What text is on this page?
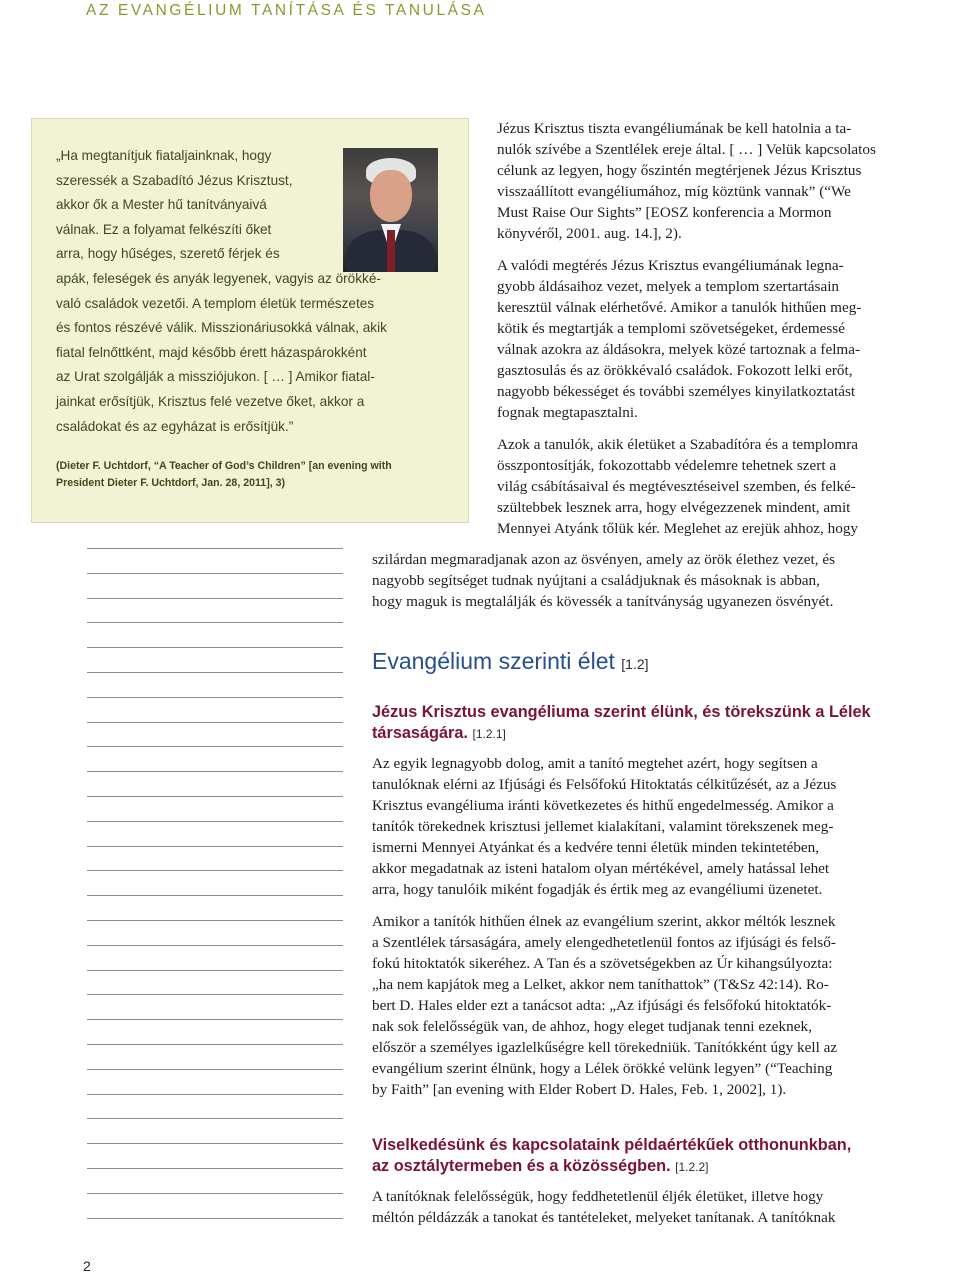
AZ EVANGÉLIUM TANÍTÁSA ÉS TANULÁSA
„Ha megtanítjuk fiataljainknak, hogy
szeressék a Szabadító Jézus Krisztust,
akkor ők a Mester hű tanítványaivá
válnak. Ez a folyamat felkészíti őket
arra, hogy hűséges, szerető férjek és
apák, feleségek és anyák legyenek, vagyis az örökké-
való családok vezetői. A templom életük természetes
és fontos részévé válik. Misszionáriusokká válnak, akik
fiatal felnőttként, majd később érett házaspárokként
az Urat szolgálják a missziójukon. [ … ] Amikor fiatal-
jainkat erősítjük, Krisztus felé vezetve őket, akkor a
családokat és az egyházat is erősítjük.”
(Dieter F. Uchtdorf, “A Teacher of God’s Children” [an evening with
President Dieter F. Uchtdorf, Jan. 28, 2011], 3)
Jézus Krisztus tiszta evangéliumának be kell hatolnia a ta-
nulók szívébe a Szentlélek ereje által. [ … ] Velük kapcsolatos
célunk az legyen, hogy őszintén megtérjenek Jézus Krisztus
visszaállított evangéliumához, míg köztünk vannak” (“We
Must Raise Our Sights” [EOSZ konferencia a Mormon
könyvéről, 2001. aug. 14.], 2).
A valódi megtérés Jézus Krisztus evangéliumának legna-
gyobb áldásaihoz vezet, melyek a templom szertartásain
keresztül válnak elérhetővé. Amikor a tanulók hithűen meg-
kötik és megtartják a templomi szövetségeket, érdemessé
válnak azokra az áldásokra, melyek közé tartoznak a felma-
gasztosulás és az örökkévaló családok. Fokozott lelki erőt,
nagyobb békességet és további személyes kinyilatkoztatást
fognak megtapasztalni.
Azok a tanulók, akik életüket a Szabadítóra és a templomra
összpontosítják, fokozottabb védelemre tehetnek szert a
világ csábításaival és megtévesztéseivel szemben, és felké-
szültebbek lesznek arra, hogy elvégezzenek mindent, amit
Mennyei Atyánk tőlük kér. Meglehet az erejük ahhoz, hogy
szilárdan megmaradjanak azon az ösvényen, amely az örök élethez vezet, és
nagyobb segítséget tudnak nyújtani a családjuknak és másoknak is abban,
hogy maguk is megtalálják és kövessék a tanítványság ugyanezen ösvényét.
Evangélium szerinti élet [1.2]
Jézus Krisztus evangéliuma szerint élünk, és törekszünk a Lélek
társaságára. [1.2.1]
Az egyik legnagyobb dolog, amit a tanító megtehet azért, hogy segítsen a
tanulóknak elérni az Ifjúsági és Felsőfokú Hitoktatás célkitűzését, az a Jézus
Krisztus evangéliuma iránti következetes és hithű engedelmesség. Amikor a
tanítók törekednek krisztusi jellemet kialakítani, valamint törekszenek meg-
ismerni Mennyei Atyánkat és a kedvére tenni életük minden tekintetében,
akkor megadatnak az isteni hatalom olyan mértékével, amely hatással lehet
arra, hogy tanulóik miként fogadják és értik meg az evangéliumi üzenetet.
Amikor a tanítók hithűen élnek az evangélium szerint, akkor méltók lesznek
a Szentlélek társaságára, amely elengedhetetlenül fontos az ifjúsági és felső-
fokú hitoktatók sikeréhez. A Tan és a szövetségekben az Úr kihangsúlyozta:
„ha nem kapjátok meg a Lelket, akkor nem taníthattok” (T&Sz 42:14). Ro-
bert D. Hales elder ezt a tanácsot adta: „Az ifjúsági és felsőfokú hitoktatók-
nak sok felelősségük van, de ahhoz, hogy eleget tudjanak tenni ezeknek,
először a személyes igazlelkűségre kell törekedniük. Tanítókként úgy kell az
evangélium szerint élnünk, hogy a Lélek örökké velünk legyen” (“Teaching
by Faith” [an evening with Elder Robert D. Hales, Feb. 1, 2002], 1).
Viselkedésünk és kapcsolataink példaértékűek otthonunkban,
az osztálytermeben és a közösségben. [1.2.2]
A tanítóknak felelősségük, hogy feddhetetlenül éljék életüket, illetve hogy
méltón példázzák a tanokat és tantételeket, melyeket tanítanak. A tanítóknak
2
